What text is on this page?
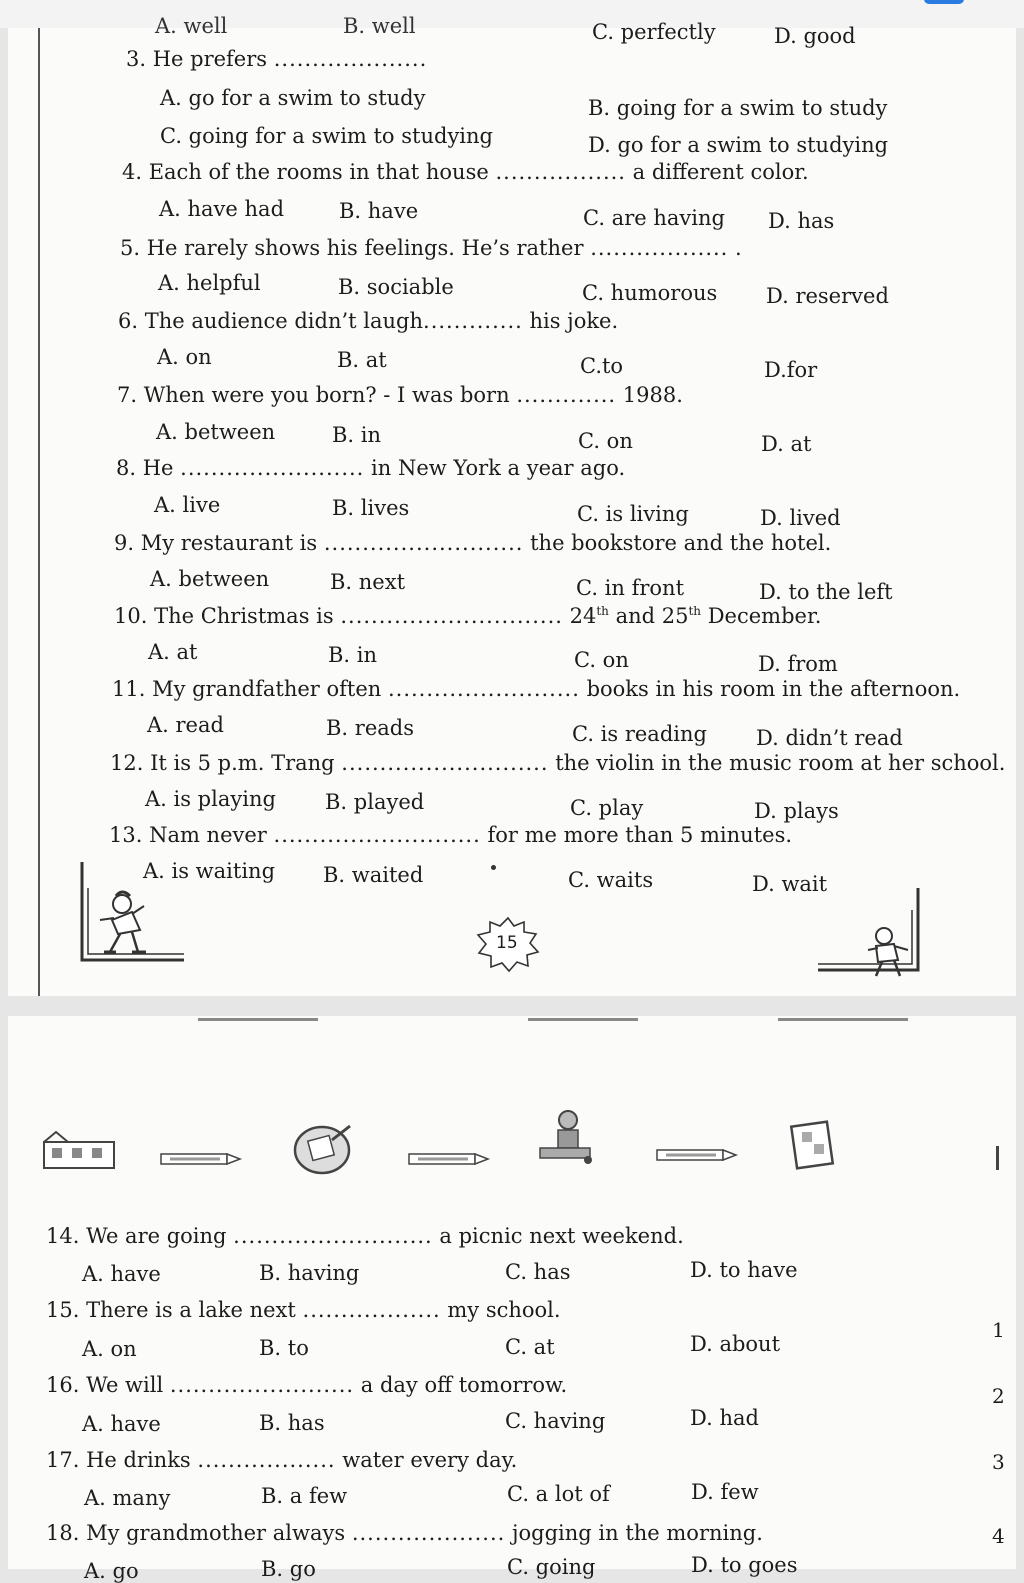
A. well	B. well	C. perfectly	D. good
3. He prefers ....................
A. go for a swim to study	B. going for a swim to study
C. going for a swim to studying	D. go for a swim to studying
4. Each of the rooms in that house ................. a different color.
A. have had	B. have	C. are having D. has
5. He rarely shows his feelings. He’s rather .................. .
A. helpful	B. sociable	C. humorous D. reserved
6. The audience didn’t laugh............. his joke.
A. on	B. at	C.to	D.for
7. When were you born? - I was born ............. 1988.
A. between	B. in	C. on	D. at
8. He ........................ in New York a year ago.
A. live	B. lives	C. is living	D. lived
9. My restaurant is .......................... the bookstore and the hotel.
A. between	B. next	C. in front	D. to the left
10. The Christmas is ............................. 24th and 25th December.
A. at	B. in	C. on	D. from
11. My grandfather often ......................... books in his room in the afternoon.
A. read	B. reads	C. is reading D. didn’t read
12. It is 5 p.m. Trang ........................... the violin in the music room at her school.
A. is playing B. played	C. play	D. plays
13. Nam never ........................... for me more than 5 minutes.
A. is waiting B. waited	C. waits	D. wait
15
14. We are going .......................... a picnic next weekend.
A. have	B. having	C. has	D. to have
15. There is a lake next .................. my school.
A. on	B. to	C. at	D. about
16. We will ........................ a day off tomorrow.
A. have	B. has	C. having	D. had
17. He drinks .................. water every day.
A. many	B. a few	C. a lot of	D. few
18. My grandmother always .................... jogging in the morning.
A. go	B. go	C. going	D. to goes
1
2
3
4
